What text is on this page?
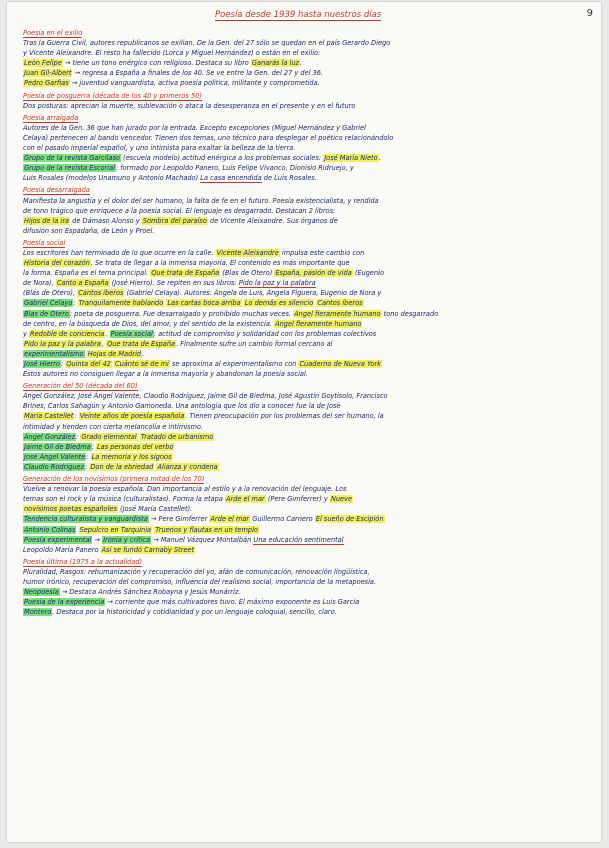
9
Poesía desde 1939 hasta nuestros días

Poesía en el exilio

Tras la Guerra Civil, autores republicanos se exilian. De la Gen. del 27 sólo se quedan en el país Gerardo Diego

y Vicente Aleixandre. El resto ha fallecido (Lorca y Miguel Hernández) o están en el exilio:

León Felipe → tiene un tono enérgico con religioso. Destaca su libro Ganarás la luz.

Juan Gil-Albert → regresa a España a finales de los 40. Se ve entre la Gen. del 27 y del 36.

Pedro Garfias → juventud vanguardista, activa poesía política, militante y comprometida.

Poesía de posguerra (década de los 40 y primeros 50)

Dos posturas: aprecian la muerte, sublevación o ataca la desesperanza en el presente y en el futuro

Poesía arraigada

Autores de la Gen. 36 que han jurado por la entrada. Excepto excepciones (Miguel Hernández y Gabriel

Celaya) pertenecen al bando vencedor. Tienen dos temas, uno técnico para desplegar el poético relacionándolo

con el pasado imperial español, y uno intimista para exaltar la belleza de la tierra.

Grupo de la revista Garcilaso (escuela modelo) actitud enérgica a los problemas sociales: José María Nieto.

Grupo de la revista Escorial: formado por Leopoldo Panero, Luis Felipe Vivanco, Dionisio Ridruejo, y

Luis Rosales (modelos Unamuno y Antonio Machado) La casa encendida de Luis Rosales.

Poesía desarraigada

Manifiesta la angustia y el dolor del ser humano, la falta de fe en el futuro. Poesía existencialista, y rendida

de tono trágico que enriquece a la poesía social. El lenguaje es desgarrado. Destacan 2 libros:

Hijos de la ira de Dámaso Alonso y Sombra del paraíso de Vicente Aleixandre. Sus órganos de

difusión son Espadaña, de León y Proel.

Poesía social

Los escritores han terminado de lo que ocurre en la calle. Vicente Aleixandre impulsa este cambio con

Historia del corazón. Se trata de llegar a la inmensa mayoría. El contenido es más importante que

la forma. España es el tema principal. Que trata de España (Blas de Otero) España, pasión de vida (Eugenio

de Nora), Canto a España (José Hierro). Se repiten en sus libros: Pido la paz y la palabra

(Blas de Otero), Cantos íberos (Gabriel Celaya). Autores: Ángela de Luis, Ángela Figuera, Eugenio de Nora y

Gabriel Celaya: Tranquilamente hablando Las cartas boca arriba Lo demás es silencio Cantos íberos

Blas de Otero: poeta de posguerra. Fue desarraigado y prohibido muchas veces. Ángel fieramente humano tono desgarrado

de centro, en la búsqueda de Dios, del amor, y del sentido de la existencia. Ángel fieramente humano

y Redoble de conciencia. Poesía social: actitud de compromiso y solidaridad con los problemas colectivos

Pido la paz y la palabra, Que trata de España. Finalmente sufre un cambio formal cercano al

experimentalismo Hojas de Madrid.

José Hierro: Quinta del 42 Cuánto sé de mí se aproxima al experimentalismo con Cuaderno de Nueva York

Estos autores no consiguen llegar a la inmensa mayoría y abandonan la poesía social.

Generación del 50 (década del 60)

Ángel González, José Ángel Valente, Claudio Rodríguez, Jaime Gil de Biedma, José Agustín Goytisolo, Francisco

Brines, Carlos Sahagún y Antonio Gamoneda. Una antología que los dio a conocer fue la de José

María Castellet: Veinte años de poesía española. Tienen preocupación por los problemas del ser humano, la

intimidad y tienden con cierta melancolía e intimismo.

Ángel González: Grado elemental Tratado de urbanismo

Jaime Gil de Biedma: Las personas del verbo

José Ángel Valente: La memoria y los signos

Claudio Rodríguez: Don de la ebriedad Alianza y condena

Generación de los novísimos (primera mitad de los 70)

Vuelve a renovar la poesía española. Dan importancia al estilo y a la renovación del lenguaje. Los

temas son el rock y la música (culturalistas). Forma la etapa Arde el mar (Pere Gimferrer) y Nueve

novísimos poetas españoles (José María Castellet).

Tendencia culturalista y vanguardista → Pere Gimferrer Arde el mar Guillermo Carnero El sueño de Escipión

Antonio Colinas Sepulcro en Tarquinia Truenos y flautas en un templo

Poesía experimental → Ironía y crítica → Manuel Vázquez Montalbán Una educación sentimental

Leopoldo María Panero Así se fundó Carnaby Street

Poesía última (1975 a la actualidad)

Pluralidad, Rasgos: rehumanización y recuperación del yo, afán de comunicación, renovación lingüística,

humor irónico, recuperación del compromiso, influencia del realismo social, importancia de la metapoesía.

Neopoesía → Destaca Andrés Sánchez Robayna y Jesús Munárriz.

Poesía de la experiencia → corriente que más cultivadores tuvo. El máximo exponente es Luis García

Montero. Destaca por la historicidad y cotidianidad y por un lenguaje coloquial, sencillo, claro.
